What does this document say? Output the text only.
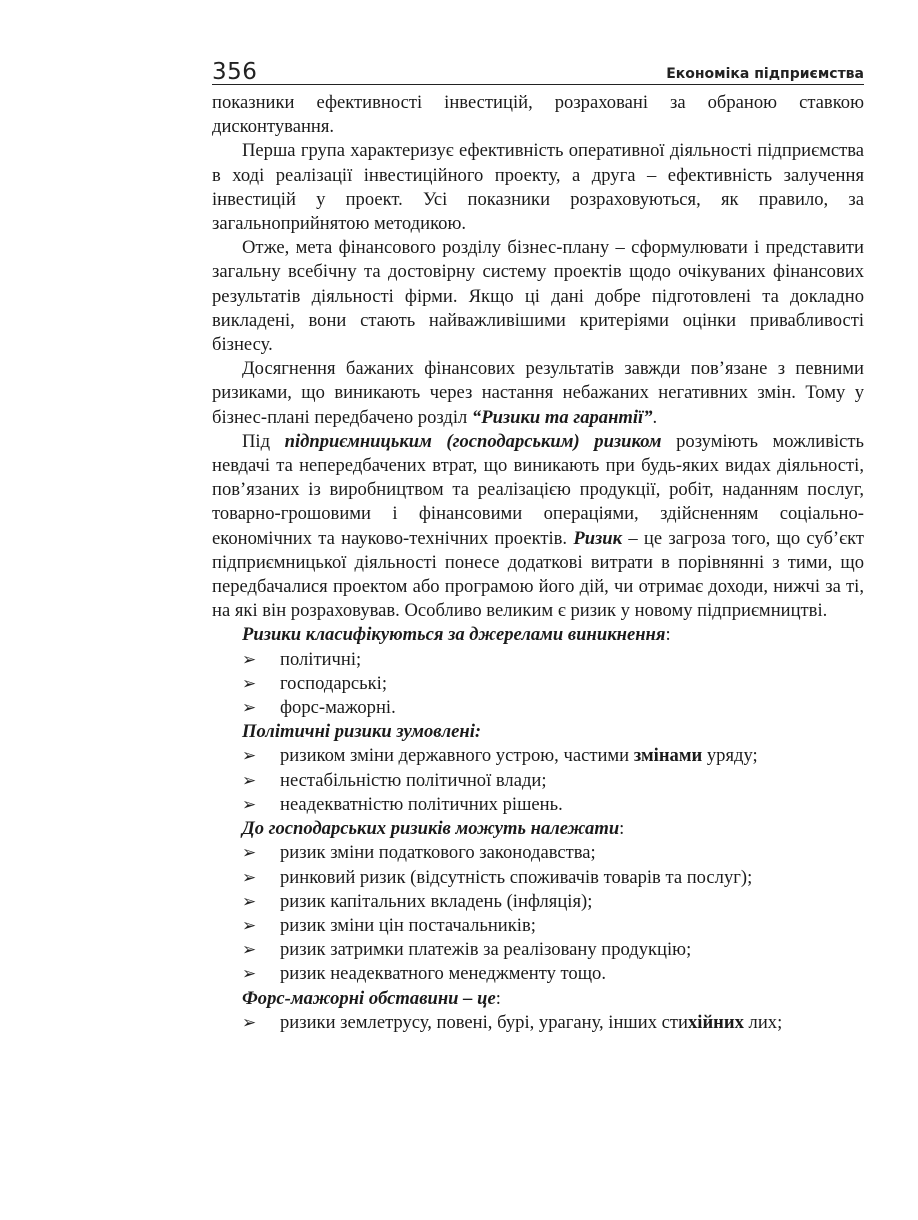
356	Економіка підприємства

показники ефективності інвестицій, розраховані за обраною ставкою дисконтування.

Перша група характеризує ефективність оперативної діяльності підприємства в ході реалізації інвестиційного проекту, а друга – ефективність залучення інвестицій у проект. Усі показники розраховуються, як правило, за загальноприйнятою методикою.

Отже, мета фінансового розділу бізнес-плану – сформулювати і представити загальну всебічну та достовірну систему проектів щодо очікуваних фінансових результатів діяльності фірми. Якщо ці дані добре підготовлені та докладно викладені, вони стають найважливішими критеріями оцінки привабливості бізнесу.

Досягнення бажаних фінансових результатів завжди пов’язане з певними ризиками, що виникають через настання небажаних негативних змін. Тому у бізнес-плані передбачено розділ “Ризики та гарантії”.

Під підприємницьким (господарським) ризиком розуміють можливість невдачі та непередбачених втрат, що виникають при будь-яких видах діяльності, пов’язаних із виробництвом та реалізацією продукції, робіт, наданням послуг, товарно-грошовими і фінансовими операціями, здійсненням соціально-економічних та науково-технічних проектів. Ризик – це загроза того, що суб’єкт підприємницької діяльності понесе додаткові витрати в порівнянні з тими, що передбачалися проектом або програмою його дій, чи отримає доходи, нижчі за ті, на які він розраховував. Особливо великим є ризик у новому підприємництві.

Ризики класифікуються за джерелами виникнення:

➢	політичні;
➢	господарські;
➢	форс-мажорні.

Політичні ризики зумовлені:

➢	ризиком зміни державного устрою, частими змінами уряду;
➢	нестабільністю політичної влади;
➢	неадекватністю політичних рішень.

До господарських ризиків можуть належати:

➢	ризик зміни податкового законодавства;
➢	ринковий ризик (відсутність споживачів товарів та послуг);
➢	ризик капітальних вкладень (інфляція);
➢	ризик зміни цін постачальників;
➢	ризик затримки платежів за реалізовану продукцію;
➢	ризик неадекватного менеджменту тощо.

Форс-мажорні обставини – це:

➢	ризики землетрусу, повені, бурі, урагану, інших стихійних лих;
